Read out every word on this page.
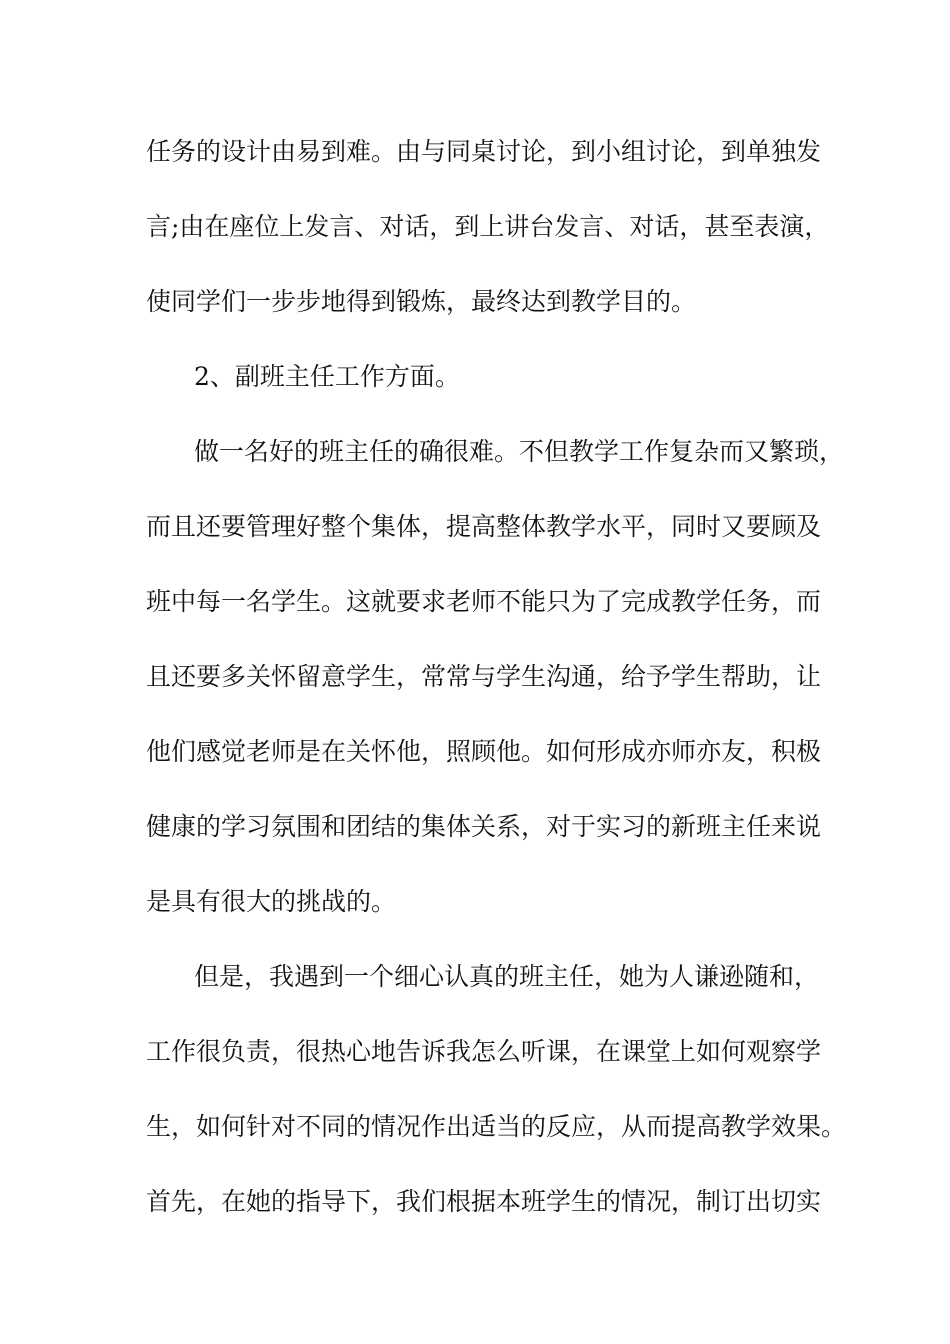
任务的设计由易到难。由与同桌讨论，到小组讨论，到单独发
言;由在座位上发言、对话，到上讲台发言、对话，甚至表演，
使同学们一步步地得到锻炼，最终达到教学目的。
2、副班主任工作方面。
做一名好的班主任的确很难。不但教学工作复杂而又繁琐，
而且还要管理好整个集体，提高整体教学水平，同时又要顾及
班中每一名学生。这就要求老师不能只为了完成教学任务，而
且还要多关怀留意学生，常常与学生沟通，给予学生帮助，让
他们感觉老师是在关怀他，照顾他。如何形成亦师亦友，积极
健康的学习氛围和团结的集体关系，对于实习的新班主任来说
是具有很大的挑战的。
但是，我遇到一个细心认真的班主任，她为人谦逊随和，
工作很负责，很热心地告诉我怎么听课，在课堂上如何观察学
生，如何针对不同的情况作出适当的反应，从而提高教学效果。
首先，在她的指导下，我们根据本班学生的情况，制订出切实
